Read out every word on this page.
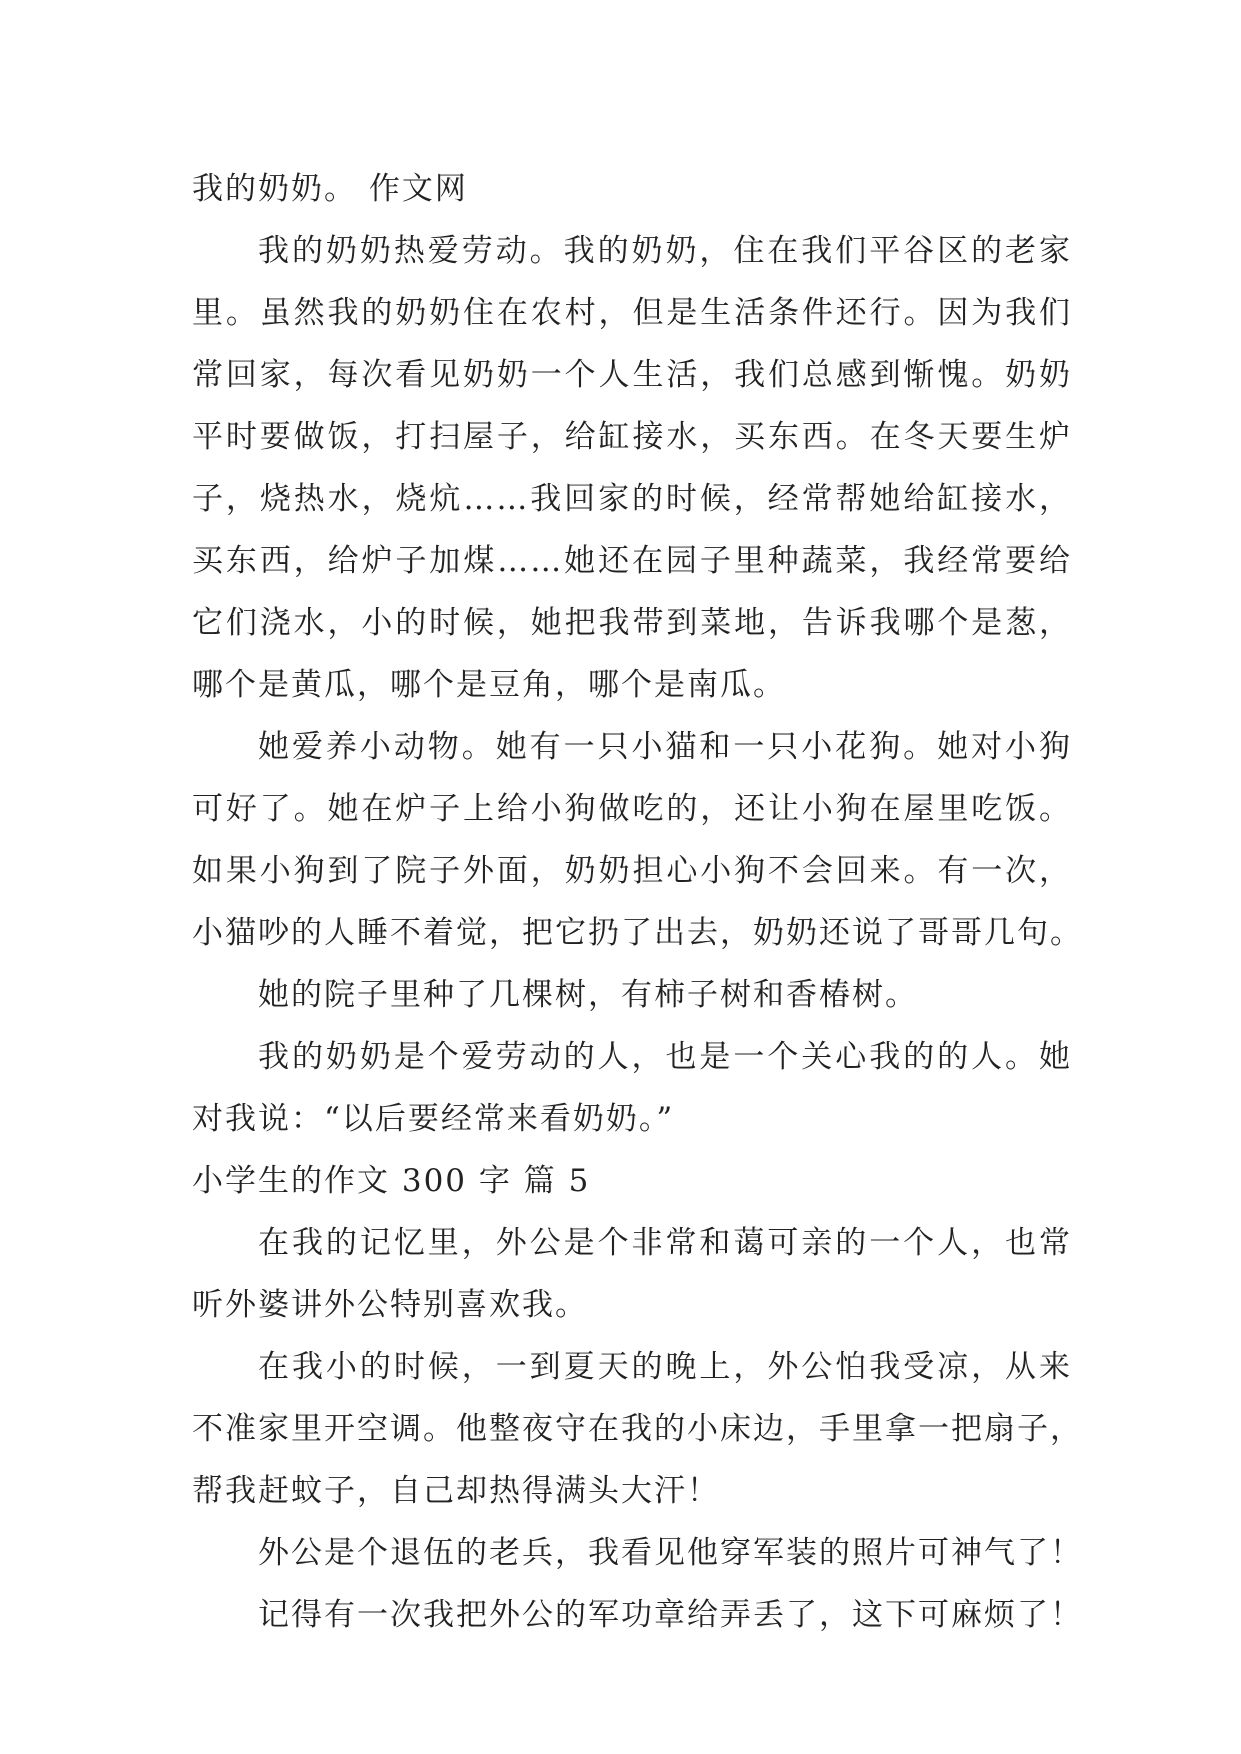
我的奶奶。 作文网
我的奶奶热爱劳动。我的奶奶，住在我们平谷区的老家
里。虽然我的奶奶住在农村，但是生活条件还行。因为我们
常回家，每次看见奶奶一个人生活，我们总感到惭愧。奶奶
平时要做饭，打扫屋子，给缸接水，买东西。在冬天要生炉
子，烧热水，烧炕……我回家的时候，经常帮她给缸接水，
买东西，给炉子加煤……她还在园子里种蔬菜，我经常要给
它们浇水，小的时候，她把我带到菜地，告诉我哪个是葱，
哪个是黄瓜，哪个是豆角，哪个是南瓜。
她爱养小动物。她有一只小猫和一只小花狗。她对小狗
可好了。她在炉子上给小狗做吃的，还让小狗在屋里吃饭。
如果小狗到了院子外面，奶奶担心小狗不会回来。有一次，
小猫吵的人睡不着觉，把它扔了出去，奶奶还说了哥哥几句。
她的院子里种了几棵树，有柿子树和香椿树。
我的奶奶是个爱劳动的人，也是一个关心我的的人。她
对我说：“以后要经常来看奶奶。”
小学生的作文 300 字 篇 5
在我的记忆里，外公是个非常和蔼可亲的一个人，也常
听外婆讲外公特别喜欢我。
在我小的时候，一到夏天的晚上，外公怕我受凉，从来
不准家里开空调。他整夜守在我的小床边，手里拿一把扇子，
帮我赶蚊子，自己却热得满头大汗！
外公是个退伍的老兵，我看见他穿军装的照片可神气了！
记得有一次我把外公的军功章给弄丢了，这下可麻烦了！
